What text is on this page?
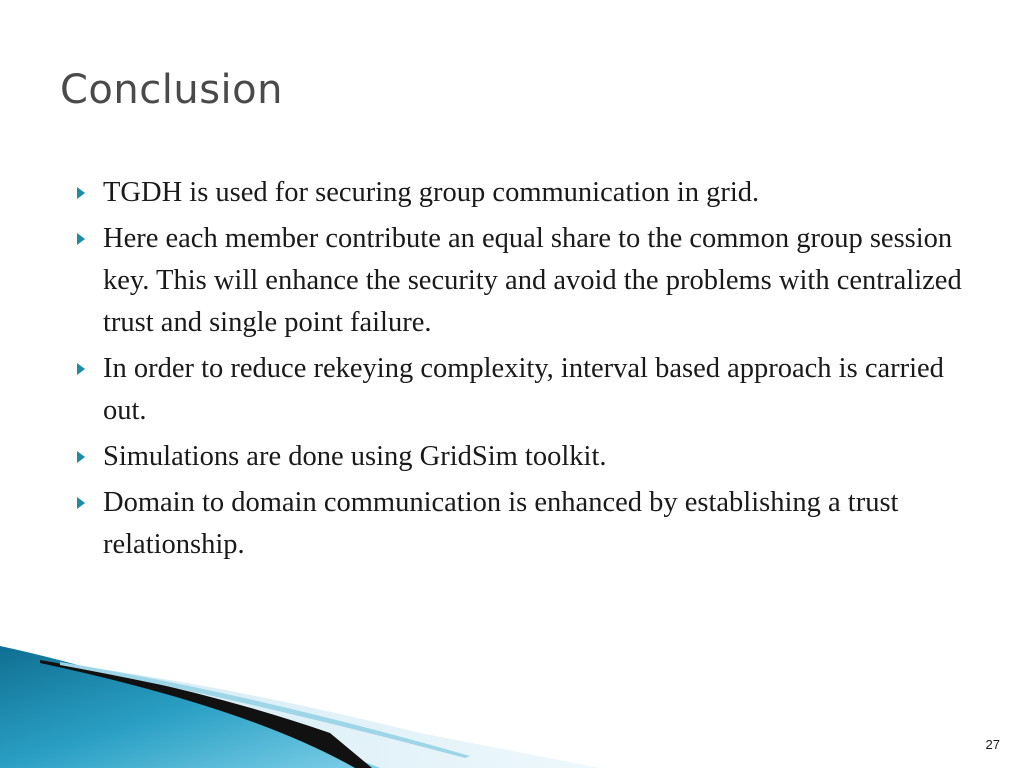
Conclusion
TGDH is used for securing group communication in grid.
Here each member contribute an equal share to the common group session key. This will enhance the security and avoid the problems with centralized trust and single point failure.
In order to reduce rekeying complexity, interval based approach is carried out.
Simulations are done using GridSim toolkit.
Domain to domain communication is enhanced by establishing a trust relationship.
27
